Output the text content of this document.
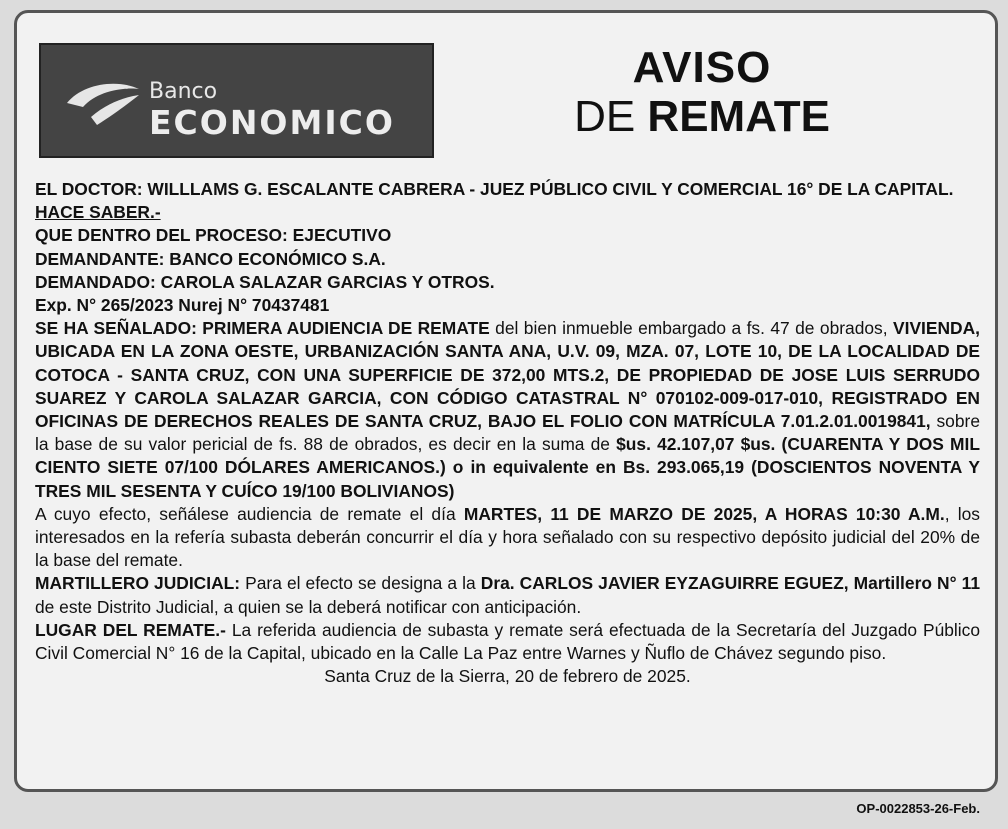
Banco
ECONOMICO
AVISO
DE REMATE

EL DOCTOR: WILLLAMS G. ESCALANTE CABRERA - JUEZ PÚBLICO CIVIL Y COMERCIAL 16° DE LA CAPITAL.

HACE SABER.-

QUE DENTRO DEL PROCESO: EJECUTIVO

DEMANDANTE: BANCO ECONÓMICO S.A.

DEMANDADO: CAROLA SALAZAR GARCIAS Y OTROS.

Exp. N° 265/2023 Nurej N° 70437481

SE HA SEÑALADO: PRIMERA AUDIENCIA DE REMATE del bien inmueble embargado a fs. 47 de obrados, VIVIENDA, UBICADA EN LA ZONA OESTE, URBANIZACIÓN SANTA ANA, U.V. 09, MZA. 07, LOTE 10, DE LA LOCALIDAD DE COTOCA - SANTA CRUZ, CON UNA SUPERFICIE DE 372,00 MTS.2, DE PROPIEDAD DE JOSE LUIS SERRUDO SUAREZ Y CAROLA SALAZAR GARCIA, CON CÓDIGO CATASTRAL N° 070102-009-017-010, REGISTRADO EN OFICINAS DE DERECHOS REALES DE SANTA CRUZ, BAJO EL FOLIO CON MATRÍCULA 7.01.2.01.0019841, sobre la base de su valor pericial de fs. 88 de obrados, es decir en la suma de $us. 42.107,07 $us. (CUARENTA Y DOS MIL CIENTO SIETE 07/100 DÓLARES AMERICANOS.) o in equivalente en Bs. 293.065,19 (DOSCIENTOS NOVENTA Y TRES MIL SESENTA Y CUÍCO 19/100 BOLIVIANOS)

A cuyo efecto, señálese audiencia de remate el día MARTES, 11 DE MARZO DE 2025, A HORAS 10:30 A.M., los interesados en la refería subasta deberán concurrir el día y hora señalado con su respectivo depósito judicial del 20% de la base del remate.

MARTILLERO JUDICIAL: Para el efecto se designa a la Dra. CARLOS JAVIER EYZAGUIRRE EGUEZ, Martillero N° 11 de este Distrito Judicial, a quien se la deberá notificar con anticipación.

LUGAR DEL REMATE.- La referida audiencia de subasta y remate será efectuada de la Secretaría del Juzgado Público Civil Comercial N° 16 de la Capital, ubicado en la Calle La Paz entre Warnes y Ñuflo de Chávez segundo piso.

Santa Cruz de la Sierra, 20 de febrero de 2025.

OP-0022853-26-Feb.
